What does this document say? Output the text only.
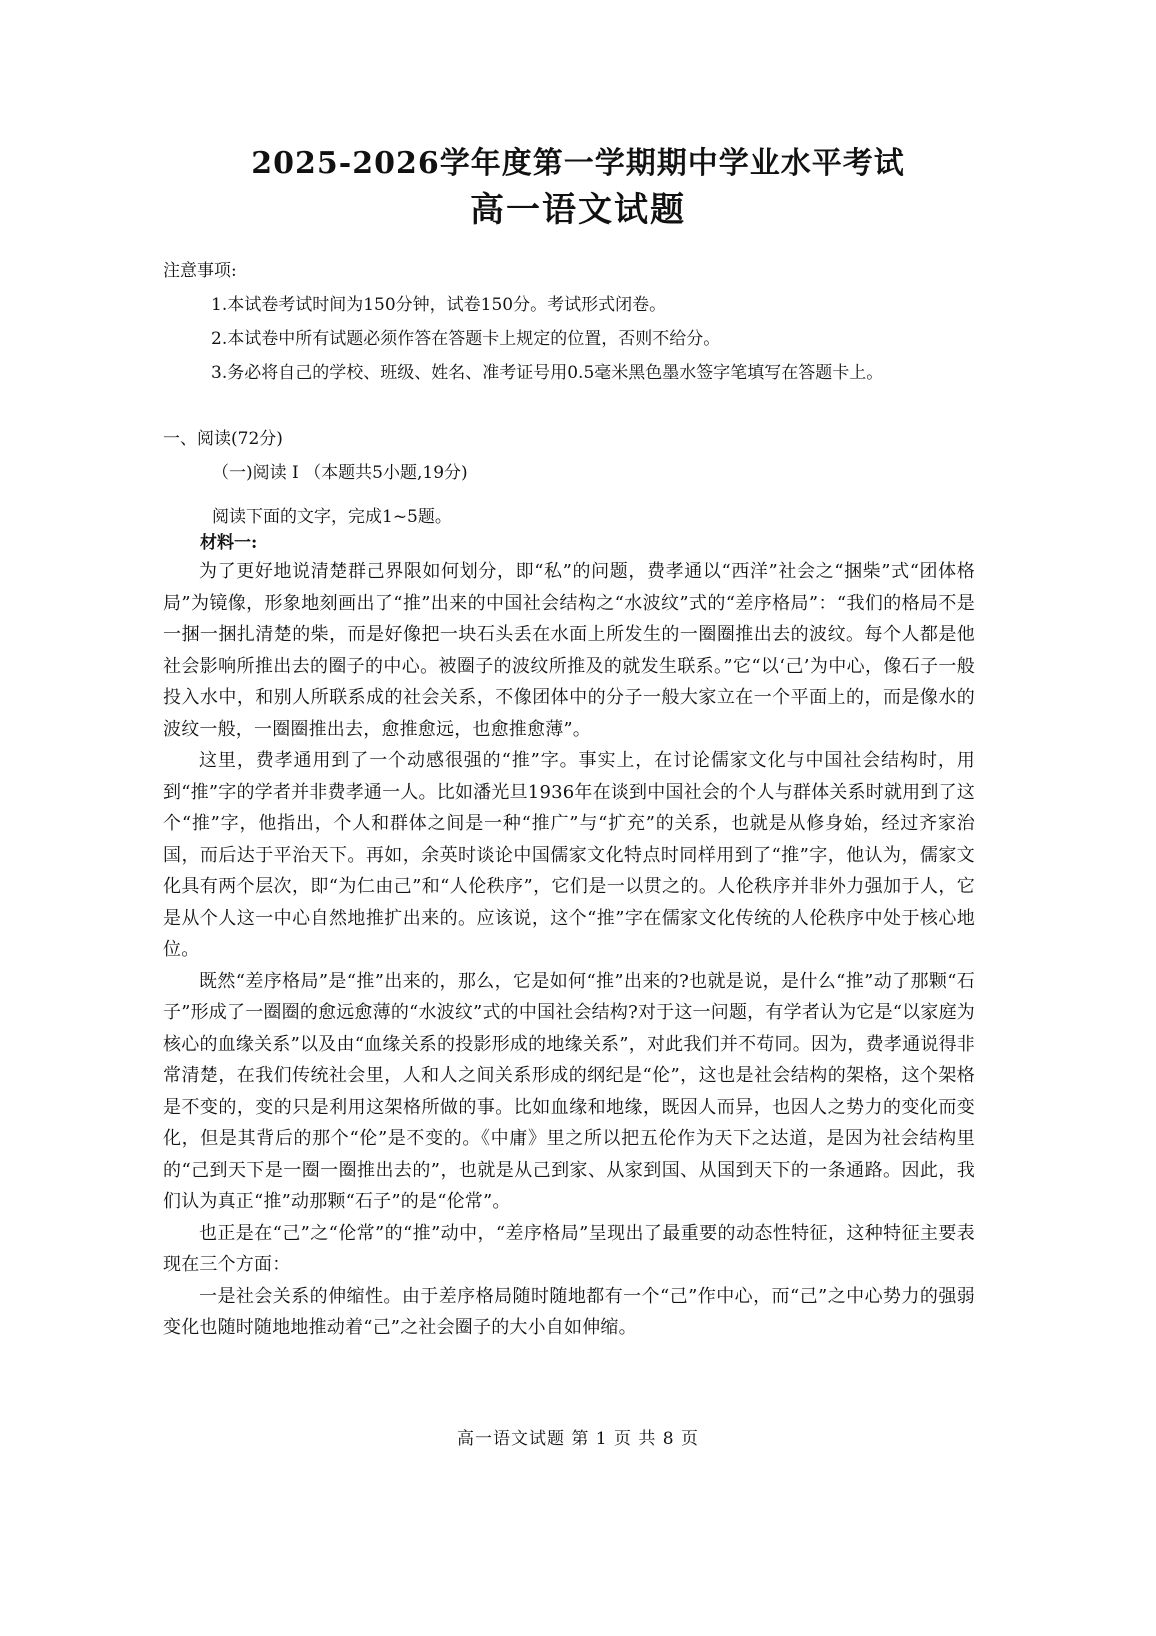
2025-2026学年度第一学期期中学业水平考试
高一语文试题
注意事项:
1.本试卷考试时间为150分钟，试卷150分。考试形式闭卷。
2.本试卷中所有试题必须作答在答题卡上规定的位置，否则不给分。
3.务必将自己的学校、班级、姓名、准考证号用0.5毫米黑色墨水签字笔填写在答题卡上。
一、阅读(72分)
（一)阅读 I （本题共5小题,19分)
阅读下面的文字，完成1~5题。
材料一:

为了更好地说清楚群己界限如何划分，即“私”的问题，费孝通以“西洋”社会之“捆柴”式“团体格局”为镜像，形象地刻画出了“推”出来的中国社会结构之“水波纹”式的“差序格局”：“我们的格局不是一捆一捆扎清楚的柴，而是好像把一块石头丢在水面上所发生的一圈圈推出去的波纹。每个人都是他社会影响所推出去的圈子的中心。被圈子的波纹所推及的就发生联系。”它“以‘己’为中心，像石子一般投入水中，和别人所联系成的社会关系，不像团体中的分子一般大家立在一个平面上的，而是像水的波纹一般，一圈圈推出去，愈推愈远，也愈推愈薄”。

这里，费孝通用到了一个动感很强的“推”字。事实上，在讨论儒家文化与中国社会结构时，用到“推”字的学者并非费孝通一人。比如潘光旦1936年在谈到中国社会的个人与群体关系时就用到了这个“推”字，他指出，个人和群体之间是一种“推广”与“扩充”的关系，也就是从修身始，经过齐家治国，而后达于平治天下。再如，余英时谈论中国儒家文化特点时同样用到了“推”字，他认为，儒家文化具有两个层次，即“为仁由己”和“人伦秩序”，它们是一以贯之的。人伦秩序并非外力强加于人，它是从个人这一中心自然地推扩出来的。应该说，这个“推”字在儒家文化传统的人伦秩序中处于核心地位。

既然“差序格局”是“推”出来的，那么，它是如何“推”出来的?也就是说，是什么“推”动了那颗“石子”形成了一圈圈的愈远愈薄的“水波纹”式的中国社会结构?对于这一问题，有学者认为它是“以家庭为核心的血缘关系”以及由“血缘关系的投影形成的地缘关系”，对此我们并不苟同。因为，费孝通说得非常清楚，在我们传统社会里，人和人之间关系形成的纲纪是“伦”，这也是社会结构的架格，这个架格是不变的，变的只是利用这架格所做的事。比如血缘和地缘，既因人而异，也因人之势力的变化而变化，但是其背后的那个“伦”是不变的。《中庸》里之所以把五伦作为天下之达道，是因为社会结构里的“己到天下是一圈一圈推出去的”，也就是从己到家、从家到国、从国到天下的一条通路。因此，我们认为真正“推”动那颗“石子”的是“伦常”。

也正是在“己”之“伦常”的“推”动中，“差序格局”呈现出了最重要的动态性特征，这种特征主要表现在三个方面：

一是社会关系的伸缩性。由于差序格局随时随地都有一个“己”作中心，而“己”之中心势力的强弱变化也随时随地地推动着“己”之社会圈子的大小自如伸缩。

高一语文试题 第 1 页 共 8 页
